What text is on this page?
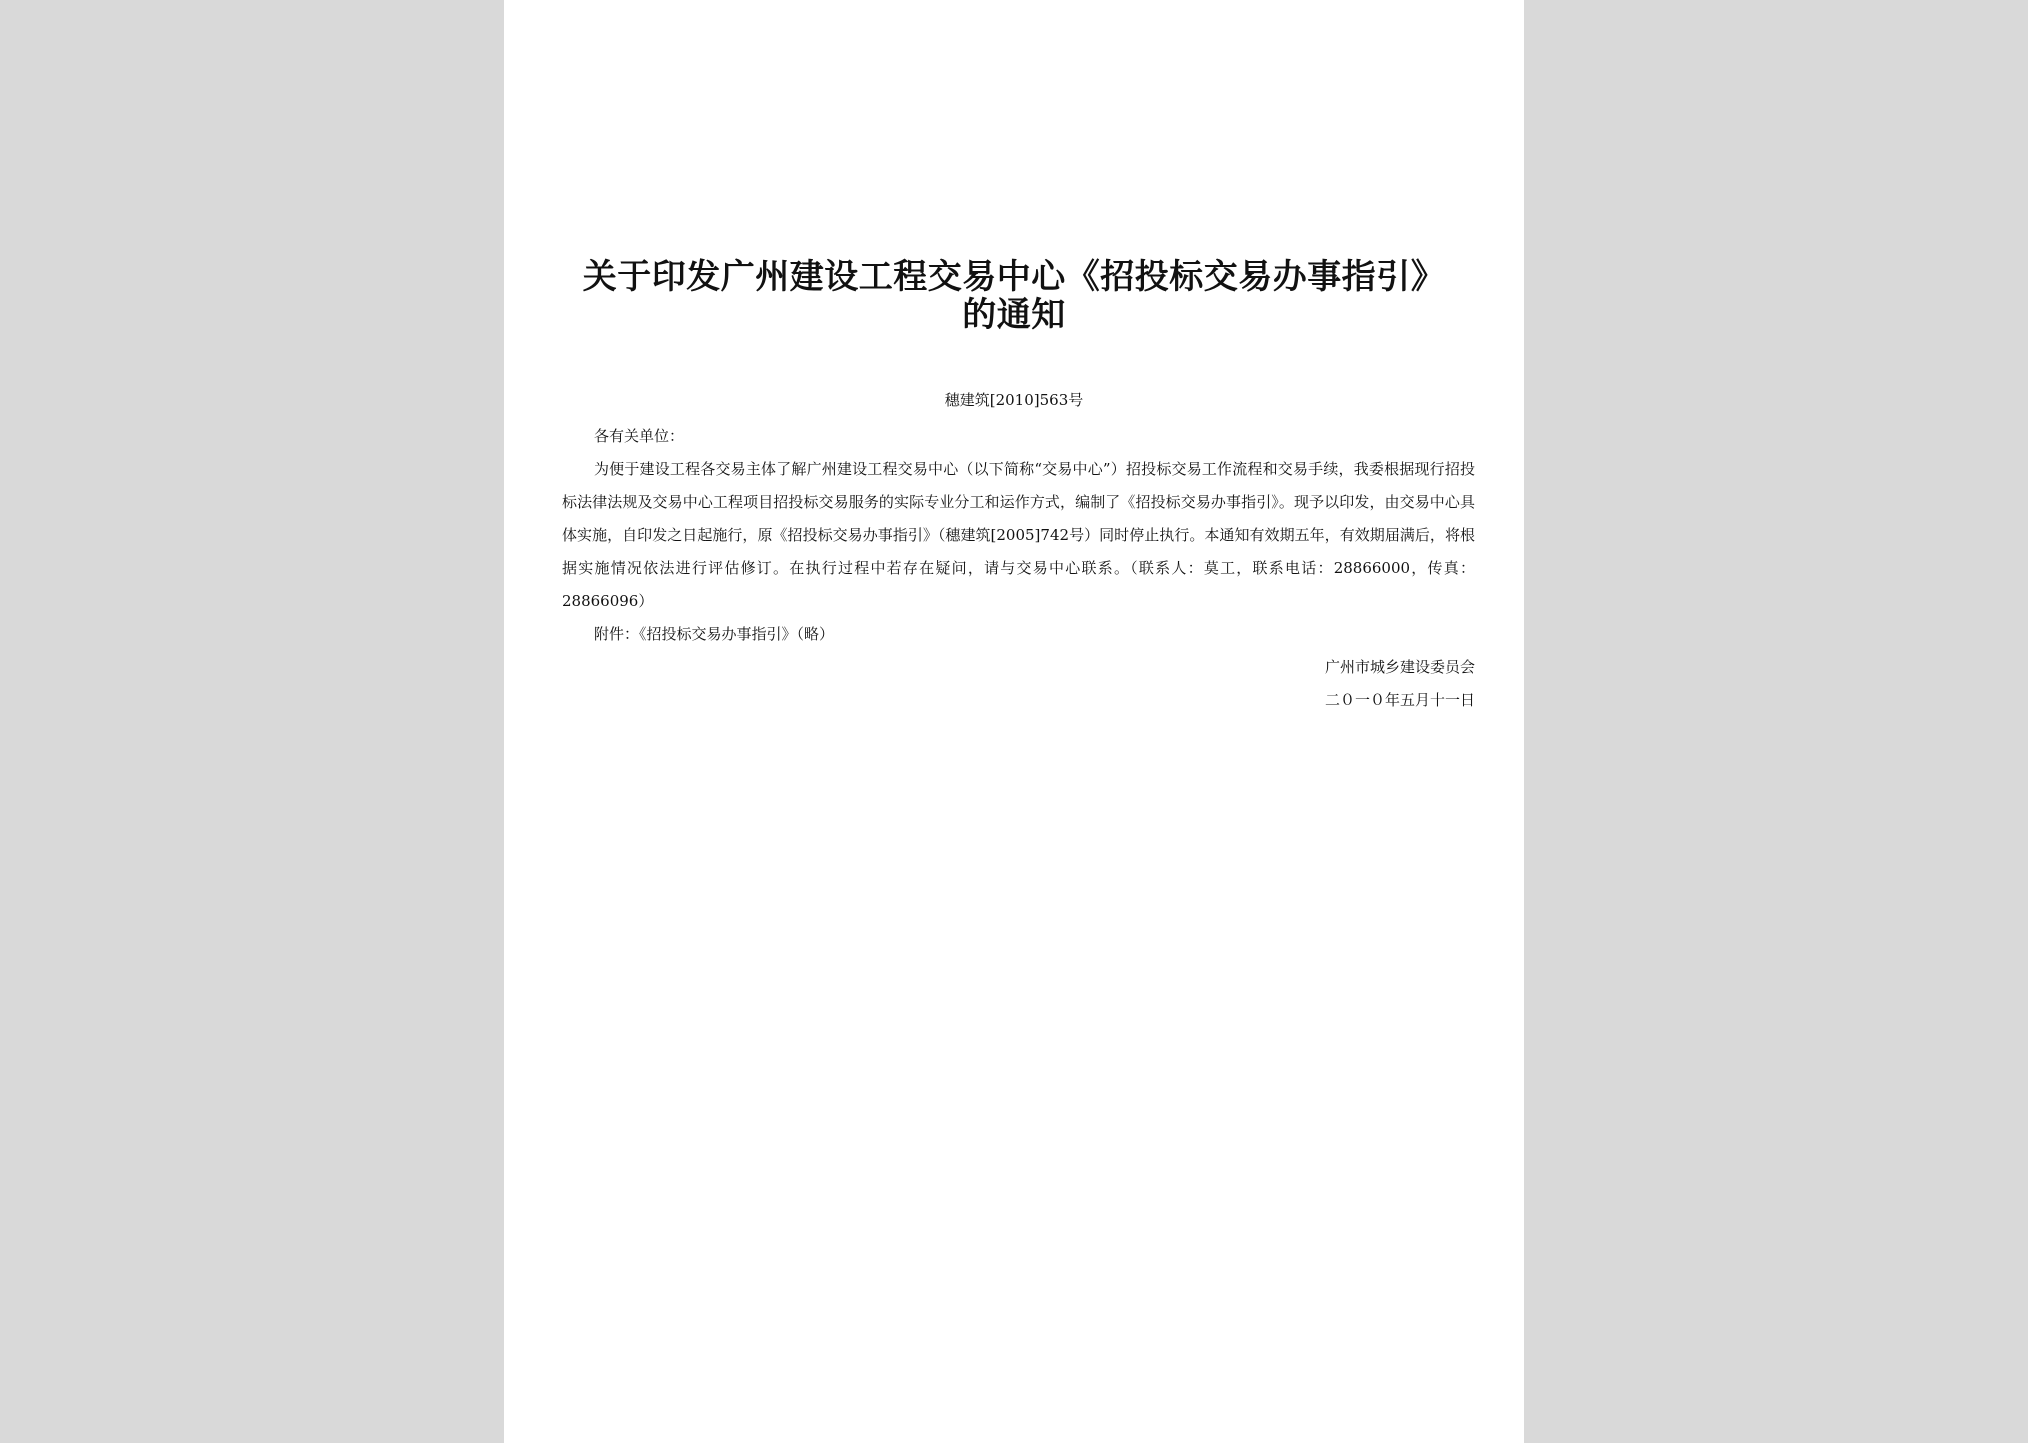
关于印发广州建设工程交易中心《招投标交易办事指引》的通知
穗建筑[2010]563号

各有关单位：

为便于建设工程各交易主体了解广州建设工程交易中心（以下简称“交易中心”）招投标交易工作流程和交易手续，我委根据现行招投标法律法规及交易中心工程项目招投标交易服务的实际专业分工和运作方式，编制了《招投标交易办事指引》。现予以印发，由交易中心具体实施，自印发之日起施行，原《招投标交易办事指引》（穗建筑[2005]742号）同时停止执行。本通知有效期五年，有效期届满后，将根据实施情况依法进行评估修订。在执行过程中若存在疑问，请与交易中心联系。（联系人：莫工，联系电话：28866000，传真：28866096）

附件：《招投标交易办事指引》（略）

广州市城乡建设委员会

二０一０年五月十一日
